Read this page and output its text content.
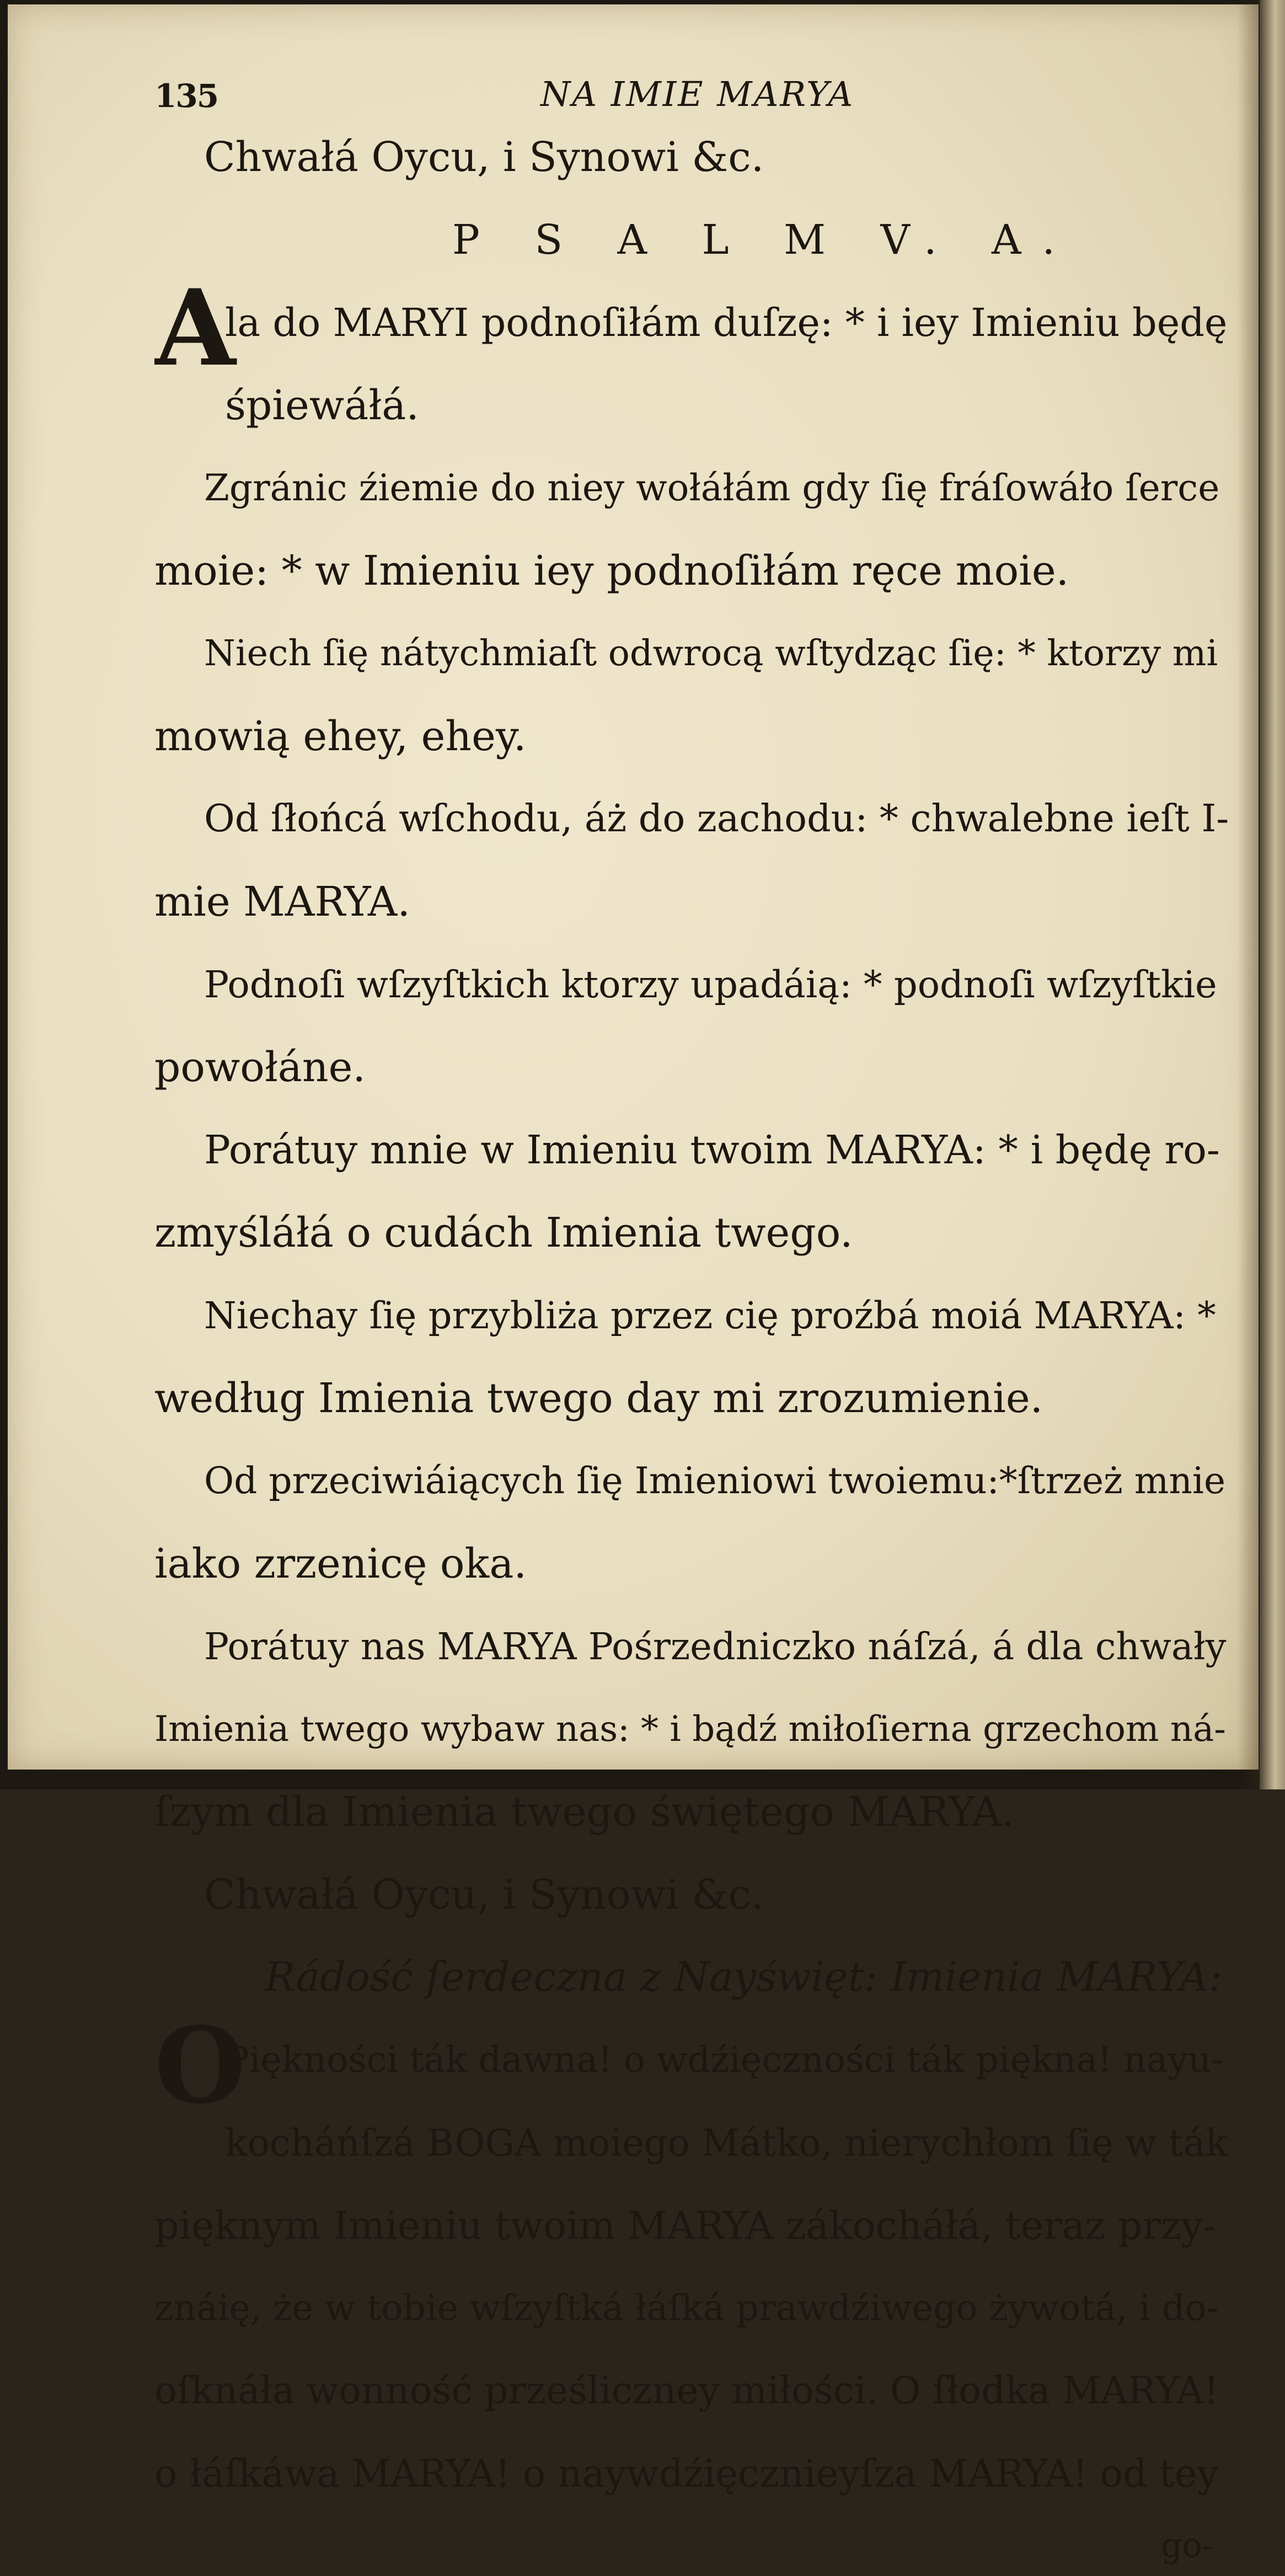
135	NA IMIE MARYA

Chwałá Oycu, i Synowi &c.

P S A L M V. A.

A

la do MARYI podnoſiłám duſzę: * i iey Imieniu będę

śpiewáłá.

Zgránic źiemie do niey wołáłám gdy ſię fráſowáło ſerce

moie: * w Imieniu iey podnoſiłám ręce moie.

Niech ſię nátychmiaſt odwrocą wſtydząc ſię: * ktorzy mi

mowią ehey, ehey.

Od ſłońcá wſchodu, áż do zachodu: * chwalebne ieſt I-

mie MARYA.

Podnoſi wſzyſtkich ktorzy upadáią: * podnoſi wſzyſtkie

powołáne.

Porátuy mnie w Imieniu twoim MARYA: * i będę ro-

zmyśláłá o cudách Imienia twego.

Niechay ſię przybliża przez cię proźbá moiá MARYA: *

według Imienia twego day mi zrozumienie.

Od przeciwiáiących ſię Imieniowi twoiemu:*ſtrzeż mnie

iako zrzenicę oka.

Porátuy nas MARYA Pośrzedniczko náſzá, á dla chwały

Imienia twego wybaw nas: * i bądź miłoſierna grzechom ná-

ſzym dla Imienia twego świętego MARYA.

Chwałá Oycu, i Synowi &c.

Rádość ſerdeczna z Nayświęt: Imienia MARYA:

O

Piękności ták dawna! o wdźięczności ták piękna! nayu-

kocháńſzá BOGA moiego Mátko, nierychłom ſię w ták

pięknym Imieniu twoim MARYA zákocháłá, teraz przy-

znáię, że w tobie wſzyſtká łáſká prawdźiwego żywotá, i do-

oſknáła wonność prześliczney miłości. O ſłodka MARYA!

o łáſkáwa MARYA! o naywdźięcznieyſza MARYA! od tey

go-
